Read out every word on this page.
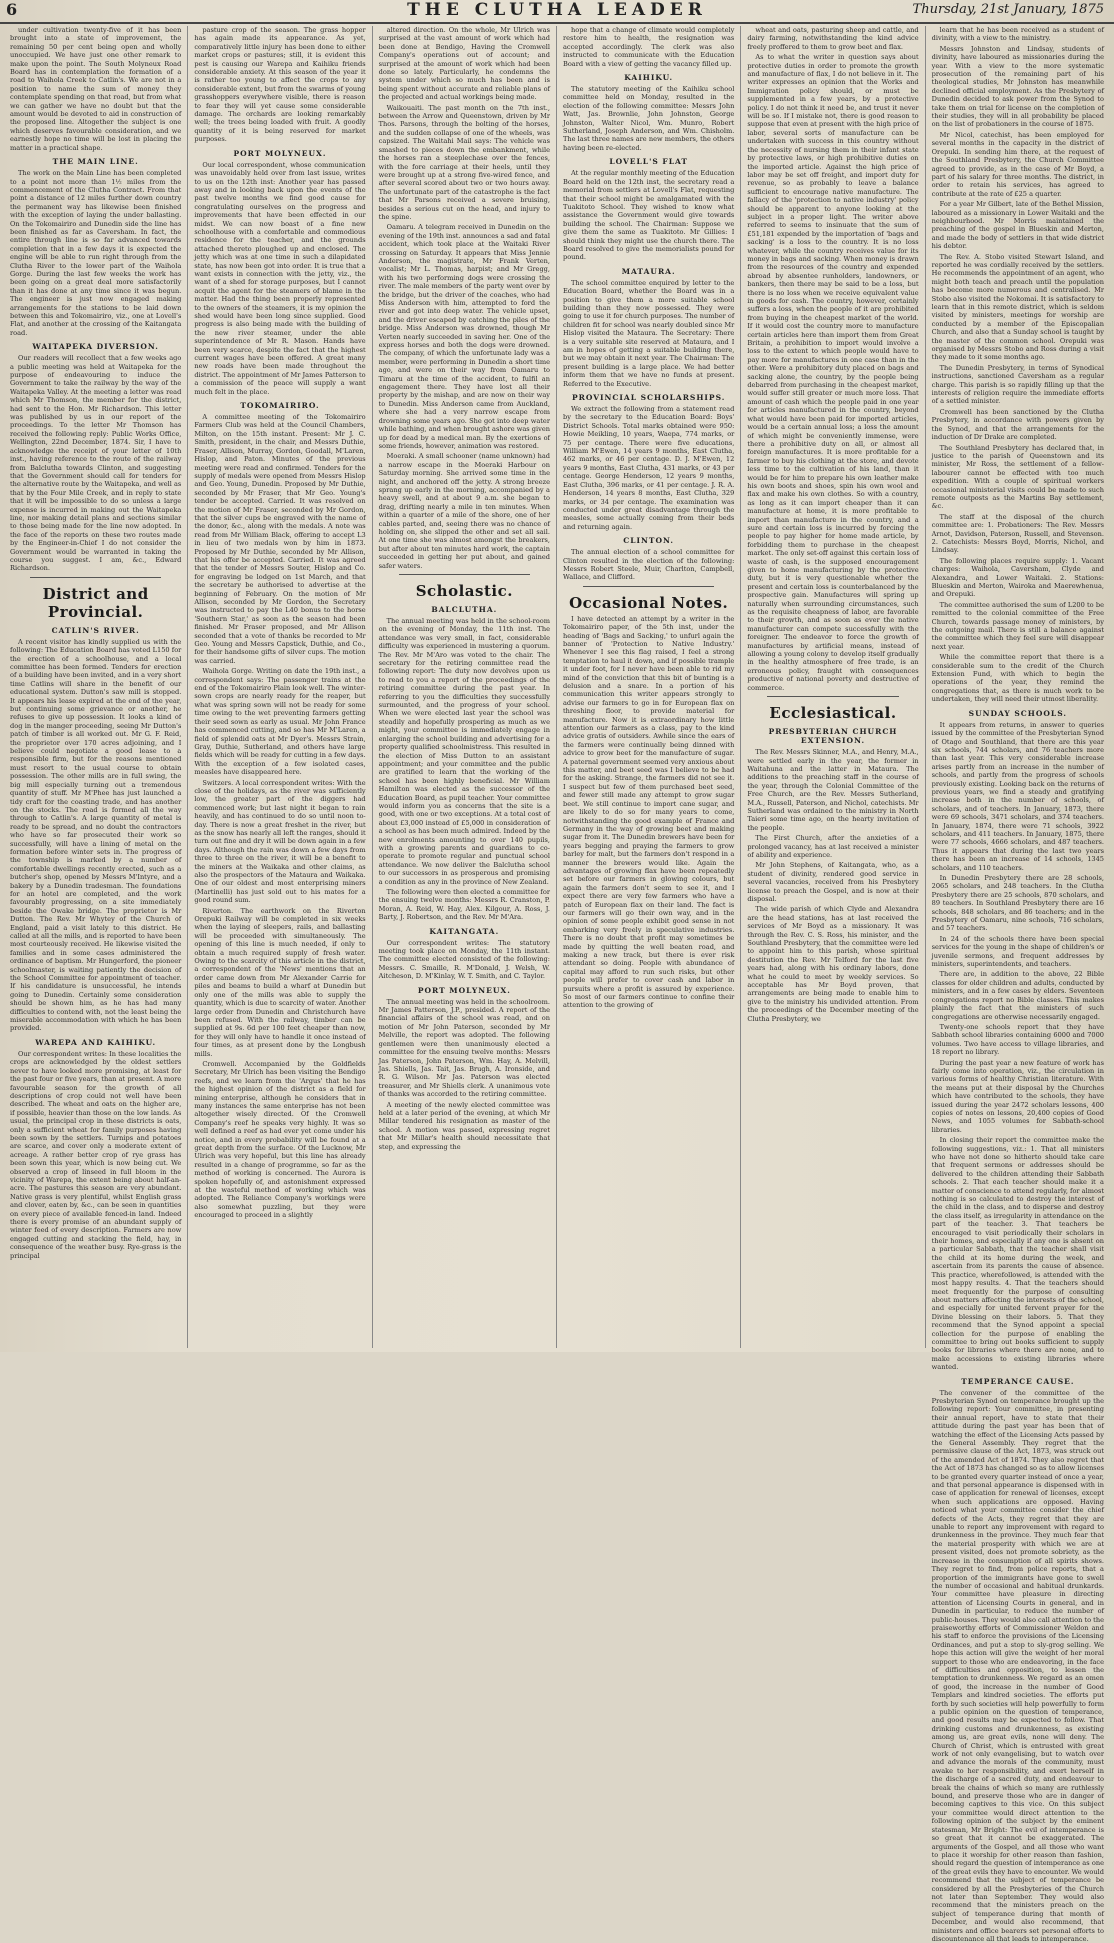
6	THE CLUTHA LEADER	Thursday, 21st January, 1875

under cultivation twenty-five of it has been brought into a state of improvement, the remaining 50 per cent being open and wholly unoccupied. We have just one other remark to make upon the point. The South Molyneux Road Board has in contemplation the formation of a road to Waihola Creek to Catlin's. We are not in a position to name the sum of money they contemplate spending on that road, but from what we can gather we have no doubt but that the amount would be devoted to aid in construction of the proposed line. Altogether the subject is one which deserves favourable consideration, and we earnestly hope no time will be lost in placing the matter in a practical shape.

THE MAIN LINE.

The work on the Main Line has been completed to a point not more than 1½ miles from the commencement of the Clutha Contract. From that point a distance of 12 miles further down country the permanent way has likewise been finished with the exception of laying the under ballasting. On the Tokomairiro and Dunedin side the line has been finished as far as Caversham. In fact, the entire through line is so far advanced towards completion that in a few days it is expected the engine will be able to run right through from the Clutha River to the lower part of the Waihola Gorge. During the last few weeks the work has been going on a great deal more satisfactorily than it has done at any time since it was begun. The engineer is just now engaged making arrangements for the stations to be laid down between this and Tokomairiro, viz., one at Lovell's Flat, and another at the crossing of the Kaitangata road.

WAITAPEKA DIVERSION.

Our readers will recollect that a few weeks ago a public meeting was held at Waitapeka for the purpose of endeavouring to induce the Government to take the railway by the way of the Waitapeka Valley. At the meeting a letter was read which Mr Thomson, the member for the district, had sent to the Hon. Mr Richardson. This letter was published by us in our report of the proceedings. To the letter Mr Thomson has received the following reply: Public Works Office, Wellington, 22nd December, 1874. Sir, I have to acknowledge the receipt of your letter of 10th inst., having reference to the route of the railway from Balclutha towards Clinton, and suggesting that the Government should call for tenders for the alternative route by the Waitapeka, and well as that by the Four Mile Creek, and in reply to state that it will be impossible to do so unless a large expense is incurred in making out the Waitapeka line, nor making detail plans and sections similar to those being made for the line now adopted. In the face of the reports on these two routes made by the Engineer-in-Chief I do not consider the Government would be warranted in taking the course you suggest. I am, &c., Edward Richardson.

District and Provincial.
CATLIN'S RIVER.

A recent visitor has kindly supplied us with the following: The Education Board has voted L150 for the erection of a schoolhouse, and a local committee has been formed. Tenders for erection of a building have been invited, and in a very short time Catlins will share in the benefit of our educational system. Dutton's saw mill is stopped. It appears his lease expired at the end of the year, but continuing some grievance or another, he refuses to give up possession. It looks a kind of dog in the manger proceeding, seeing Mr Dutton's patch of timber is all worked out. Mr G. F. Reid, the proprietor over 170 acres adjoining, and I believe could negotiate a good lease to a responsible firm, but for the reasons mentioned must resort to the usual course to obtain possession. The other mills are in full swing, the big mill especially turning out a tremendous quantity of stuff. Mr M'Phee has just launched a tidy craft for the coasting trade, and has another on the stocks. The road is formed all the way through to Catlin's. A large quantity of metal is ready to be spread, and no doubt the contractors who have so far prosecuted their work so successfully, will have a lining of metal on the formation before winter sets in. The progress of the township is marked by a number of comfortable dwellings recently erected, such as a butcher's shop, opened by Messrs M'Intyre, and a bakery by a Dunedin tradesman. The foundations for an hotel are completed, and the work favourably progressing, on a site immediately beside the Owake bridge. The proprietor is Mr Dutton. The Rev. Mr Whytey of the Church of England, paid a visit lately to this district. He called at all the mills, and is reported to have been most courteously received. He likewise visited the families and in some cases administered the ordinance of baptism. Mr Hungerford, the pioneer schoolmaster, is waiting patiently the decision of the School Committee for appointment of teacher. If his candidature is unsuccessful, he intends going to Dunedin. Certainly some consideration should be shown him, as he has had many difficulties to contend with, not the least being the miserable accommodation with which he has been provided.

WAREPA AND KAIHIKU.

Our correspondent writes: In these localities the crops are acknowledged by the oldest settlers never to have looked more promising, at least for the past four or five years, than at present. A more favourable season for the growth of all descriptions of crop could not well have been described. The wheat and oats on the higher are, if possible, heavier than those on the low lands. As usual, the principal crop in these districts is oats, only a sufficient wheat for family purposes having been sown by the settlers. Turnips and potatoes are scarce, and cover only a moderate extent of acreage. A rather better crop of rye grass has been sown this year, which is now being cut. We observed a crop of linseed in full bloom in the vicinity of Warepa, the extent being about half-an-acre. The pastures this season are very abundant. Native grass is very plentiful, whilst English grass and clover, eaten by, &c., can be seen in quantities on every piece of available fenced-in land. Indeed there is every promise of an abundant supply of winter feed of every description. Farmers are now engaged cutting and stacking the field, hay, in consequence of the weather busy. Rye-grass is the principal

pasture crop of the season. The grass hopper has again made its appearance. As yet, comparatively little injury has been done to either market crops or pastures; still, it is evident this pest is causing our Warepa and Kaihiku friends considerable anxiety. At this season of the year it is rather too young to affect the crops to any considerable extent, but from the swarms of young grasshoppers everywhere visible, there is reason to fear they will yet cause some considerable damage. The orchards are looking remarkably well; the trees being loaded with fruit. A goodly quantity of it is being reserved for market purposes.

PORT MOLYNEUX.

Our local correspondent, whose communication was unavoidably held over from last issue, writes to us on the 12th inst: Another year has passed away and in looking back upon the events of the past twelve months we find good cause for congratulating ourselves on the progress and improvements that have been effected in our midst. We can now boast of a fine new schoolhouse with a comfortable and commodious residence for the teacher, and the grounds attached thereto ploughed up and enclosed. The jetty which was at one time in such a dilapidated state, has now been got into order. It is true that a want exists in connection with the jetty, viz., the want of a shed for storage purposes, but I cannot acquit the agent for the steamers of blame in the matter. Had the thing been properly represented to the owners of the steamers, it is my opinion the shed would have been long since supplied. Good progress is also being made with the building of the new river steamer, under the able superintendence of Mr R. Mason. Hands have been very scarce, despite the fact that the highest current wages have been offered. A great many new roads have been made throughout the district. The appointment of Mr James Patterson to a commission of the peace will supply a want much felt in the place.

TOKOMAIRIRO.

A committee meeting of the Tokomairiro Farmers Club was held at the Council Chambers, Milton, on the 15th instant. Present: Mr J. C. Smith, president, in the chair, and Messrs Duthie, Fraser, Allison, Murray, Gordon, Goodall, M'Laren, Hislop, and Paton. Minutes of the previous meeting were read and confirmed. Tenders for the supply of medals were opened from Messrs Hislop and Geo. Young, Dunedin. Proposed by Mr Duthie, seconded by Mr Fraser, that Mr Geo. Young's tender be accepted. Carried. It was resolved on the motion of Mr Fraser, seconded by Mr Gordon, that the silver cups be engraved with the name of the donor, &c., along with the medals. A note was read from Mr William Black, offering to accept L3 in lieu of two medals won by him in 1873. Proposed by Mr Duthie, seconded by Mr Allison, that his offer be accepted. Carried. It was agreed that the tender of Messrs Souter, Hislop and Co. for engraving be lodged on 1st March, and that the secretary be authorised to advertise at the beginning of February. On the motion of Mr Allison, seconded by Mr Gordon, the Secretary was instructed to pay the L40 bonus to the horse 'Southern Star,' as soon as the season had been finished. Mr Fraser proposed, and Mr Allison seconded that a vote of thanks be recorded to Mr Geo. Young and Messrs Capstick, Duthie, and Co., for their handsome gifts of silver cups. The motion was carried.

Waihola Gorge. Writing on date the 19th inst., a correspondent says: The passenger trains at the end of the Tokomairiro Plain look well. The winter-sown crops are nearly ready for the reaper, but what was spring sown will not be ready for some time owing to the wet preventing farmers getting their seed sown as early as usual. Mr John France has commenced cutting, and so has Mr M'Laren, a field of splendid oats at Mr Dyer's. Messrs Strain, Gray, Duthie, Sutherland, and others have large fields which will be ready for cutting in a few days. With the exception of a few isolated cases, measles have disappeared here.

Switzers. A local correspondent writes: With the close of the holidays, as the river was sufficiently low, the greater part of the diggers had commenced work; but last night it began to rain heavily, and has continued to do so until noon to-day. There is now a great freshet in the river, but as the snow has nearly all left the ranges, should it turn out fine and dry it will be down again in a few days. Although the rain was down a few days from three to three on the river, it will be a benefit to the miners at the Waikaka and other claims, as also the prospectors of the Mataura and Waikaka. One of our oldest and most enterprising miners (Martinelli) has just sold out to his mates for a good round sum.

Riverton. The earthwork on the Riverton Orepuki Railway will be completed in six weeks when the laying of sleepers, rails, and ballasting will be proceeded with simultaneously. The opening of this line is much needed, if only to obtain a much required supply of fresh water. Owing to the scarcity of this article in the district, a correspondent of the 'News' mentions that an order came down from Mr Alexander Carrie for piles and beams to build a wharf at Dunedin but only one of the mills was able to supply the quantity, which is due to scarcity of water. Another large order from Dunedin and Christchurch have been refused. With the railway, timber can be supplied at 9s. 6d per 100 feet cheaper than now, for they will only have to handle it once instead of four times, as at present done by the Longbush mills.

Cromwell. Accompanied by the Goldfields Secretary, Mr Ulrich has been visiting the Bendigo reefs, and we learn from the 'Argus' that he has the highest opinion of the district as a field for mining enterprise, although he considers that in many instances the same enterprise has not been altogether wisely directed. Of the Cromwell Company's reef he speaks very highly. It was so well defined a reef as had ever yet come under his notice, and in every probability will be found at a great depth from the surface. Of the Lucknow, Mr Ulrich was very hopeful, but this line has already resulted in a change of programme, so far as the method of working is concerned. The Aurora is spoken hopefully of, and astonishment expressed at the wasteful method of working which was adopted. The Reliance Company's workings were also somewhat puzzling, but they were encouraged to proceed in a slightly

altered direction. On the whole, Mr Ulrich was surprised at the vast amount of work which had been done at Bendigo, Having the Cromwell Company's operations out of account; and surprised at the amount of work which had been done so lately. Particularly, he condemns the system under which so much has been and is being spent without accurate and reliable plans of the projected and actual workings being made.

Waikouaiti. The past month on the 7th inst., between the Arrow and Queenstown, driven by Mr Thos. Parsons, through the bolting of the horses, and the sudden collapse of one of the wheels, was capsized. The Waitahi Mail says: The vehicle was smashed to pieces down the embankment, while the horses ran a steeplechase over the fences, with the fore carriage at their heels, until they were brought up at a strong five-wired fence, and after several scored about two or two hours away. The unfortunate part of the catastrophe is the fact that Mr Parsons received a severe bruising, besides a serious cut on the head, and injury to the spine.

Oamaru. A telegram received in Dunedin on the evening of the 19th inst. announces a sad and fatal accident, which took place at the Waitaki River crossing on Saturday. It appears that Miss Jennie Anderson, the magistrate, Mr Frank Verten, vocalist; Mr L. Thomas, harpist; and Mr Gregg, with his two performing dogs were crossing the river. The male members of the party went over by the bridge, but the driver of the coaches, who had Miss Anderson with him, attempted to ford the river and got into deep water. The vehicle upset, and the driver escaped by catching the piles of the bridge. Miss Anderson was drowned, though Mr Verten nearly succeeded in saving her. One of the express horses and both the dogs were drowned. The company, of which the unfortunate lady was a member, were performing in Dunedin a short time ago, and were on their way from Oamaru to Timaru at the time of the accident, to fulfil an engagement there. They have lost all their property by the mishap, and are now on their way to Dunedin. Miss Anderson came from Auckland, where she had a very narrow escape from drowning some years ago. She got into deep water while bathing, and when brought ashore was given up for dead by a medical man. By the exertions of some friends, however, animation was restored.

Moeraki. A small schooner (name unknown) had a narrow escape in the Moeraki Harbour on Saturday morning. She arrived some time in the night, and anchored off the jetty. A strong breeze sprang up early in the morning, accompanied by a heavy swell, and at about 9 a.m. she began to drag, drifting nearly a mile in ten minutes. When within a quarter of a mile of the shore, one of her cables parted, and, seeing there was no chance of holding on, she slipped the other and set all sail. At one time she was almost amongst the breakers, but after about ten minutes hard work, the captain succeeded in getting her put about, and gained safer waters.

Scholastic.
BALCLUTHA.

The annual meeting was held in the school-room on the evening of Monday, the 11th inst. The attendance was very small, in fact, considerable difficulty was experienced in mustering a quorum. The Rev. Mr M'Aro was voted to the chair. The secretary for the retiring committee read the following report: The duty now devolves upon us to read to you a report of the proceedings of the retiring committee during the past year. In referring to you the difficulties they successfully surmounted, and the progress of your school. When we were elected last year the school was steadily and hopefully prospering as much as we might, your committee is immediately engage in enlarging the school building and advertising for a property qualified schoolmistress. This resulted in the election of Miss Dutton to an assistant appointment; and your committee and the public are gratified to learn that the working of the school has been highly beneficial. Mr William Hamilton was elected as the successor of the Education Board, as pupil teacher. Your committee would inform you as concerns that the site is a good, with one or two exceptions. At a total cost of about £3,000 instead of £5,000 in consideration of a school as has been much admired. Indeed by the new enrolments amounting to over 140 pupils, with a growing parents and guardians to co-operate to promote regular and punctual school attendance. We now deliver the Balclutha school to our successors in as prosperous and promising a condition as any in the province of New Zealand.

The following were then elected a committee for the ensuing twelve months: Messrs R. Cranston, P. Moran, A. Reid, W. Hay, Alex. Kilgour, A. Ross, J. Barty, J. Robertson, and the Rev. Mr M'Ara.

KAITANGATA.

Our correspondent writes: The statutory meeting took place on Monday, the 11th instant. The committee elected consisted of the following: Messrs. C. Smaille, R. M'Donald, J. Welsh, W. Aitcheson, D. M'Kinlay, W. T. Smith, and C. Taylor.

PORT MOLYNEUX.

The annual meeting was held in the schoolroom. Mr James Patterson, J.P., presided. A report of the financial affairs of the school was read, and on motion of Mr John Paterson, seconded by Mr Melville, the report was adopted. The following gentlemen were then unanimously elected a committee for the ensuing twelve months: Messrs Jas Paterson, John Paterson, Wm. Hay, A. Melvill, Jas. Shiells, Jas. Tait, Jas. Brugh, A. Ironside, and R. G. Wilson. Mr Jas. Paterson was elected treasurer, and Mr Shiells clerk. A unanimous vote of thanks was accorded to the retiring committee.

A meeting of the newly elected committee was held at a later period of the evening, at which Mr Millar tendered his resignation as master of the school. A motion was passed, expressing regret that Mr Millar's health should necessitate that step, and expressing the

hope that a change of climate would completely restore him to health, the resignation was accepted accordingly. The clerk was also instructed to communicate with the Education Board with a view of getting the vacancy filled up.

KAIHIKU.

The statutory meeting of the Kaihiku school committee held on Monday, resulted in the election of the following committee: Messrs John Watt, Jas. Brownlie, John Johnston, George Johnston, Walter Nicol, Wm. Munro, Robert Sutherland, Joseph Anderson, and Wm. Chisholm. The last three names are new members, the others having been re-elected.

LOVELL'S FLAT

At the regular monthly meeting of the Education Board held on the 12th inst, the secretary read a memorial from settlers at Lovell's Flat, requesting that their school might be amalgamated with the Tuakitoto School. They wished to know what assistance the Government would give towards building the school. The Chairman: Suppose we give them the same as Tuakitoto. Mr Gillies: I should think they might use the church there. The Board resolved to give the memorialists pound for pound.

MATAURA.

The school committee enquired by letter to the Education Board, whether the Board was in a position to give them a more suitable school building than they now possessed. They were going to use it for church purposes. The number of children fit for school was nearly doubled since Mr Hislop visited the Mataura. The Secretary: There is a very suitable site reserved at Mataura, and I am in hopes of getting a suitable building there, but we may obtain it next year. The Chairman: The present building is a large place. We had better inform them that we have no funds at present. Referred to the Executive.

PROVINCIAL SCHOLARSHIPS.

We extract the following from a statement read by the secretary to the Education Board: Boys' District Schools. Total marks obtained were 950: Howie Meikling, 10 years, Waepa, 774 marks, or 75 per centage. There were five educations, William M'Ewen, 14 years 9 months, East Clutha, 462 marks, or 46 per centage. D. J. M'Ewen, 12 years 9 months, East Clutha, 431 marks, or 43 per centage. George Henderson, 12 years 9 months, East Clutha, 396 marks, or 41 per centage. J. R. A. Henderson, 14 years 8 months, East Clutha, 329 marks, or 34 per centage. The examination was conducted under great disadvantage through the measles, some actually coming from their beds and returning again.

CLINTON.

The annual election of a school committee for Clinton resulted in the election of the following: Messrs Robert Steele, Muir, Charlton, Campbell, Wallace, and Clifford.

Occasional Notes.

I have detected an attempt by a writer in the Tokomairiro paper, of the 5th inst, under the heading of 'Bags and Sacking,' to unfurl again the banner of 'Protection to Native Industry.' Whenever I see this flag raised, I feel a strong temptation to haul it down, and if possible trample it under foot, for I never have been able to rid my mind of the conviction that this bit of bunting is a delusion and a snare. In a portion of his communication this writer appears strongly to advise our farmers to go in for European flax on threshing floor, to provide material for manufacture. Now it is extraordinary how little attention our farmers as a class, pay to the kind advice gratis of outsiders. Awhile since the ears of the farmers were continually being dinned with advice to grow beet for the manufacture of sugar. A paternal government seemed very anxious about this matter, and beet seed was I believe to be had for the asking. Strange, the farmers did not see it. I suspect but few of them purchased beet seed, and fewer still made any attempt to grow sugar beet. We still continue to import cane sugar, and are likely to do so for many years to come, notwithstanding the good example of France and Germany in the way of growing beet and making sugar from it. The Dunedin brewers have been for years begging and praying the farmers to grow barley for malt, but the farmers don't respond in a manner the brewers would like. Again the advantages of growing flax have been repeatedly set before our farmers in glowing colours, but again the farmers don't seem to see it, and I expect there are very few farmers who have a patch of European flax on their land. The fact is our farmers will go their own way, and in the opinion of some people exhibit good sense in not embarking very freely in speculative industries. There is no doubt that profit may sometimes be made by quitting the well beaten road, and making a new track, but there is ever risk attendant so doing. People with abundance of capital may afford to run such risks, but other people will prefer to cover cash and labor in pursuits where a profit is assured by experience. So most of our farmers continue to confine their attention to the growing of

wheat and oats, pasturing sheep and cattle, and dairy farming, notwithstanding the kind advice freely proffered to them to grow beet and flax.

As to what the writer in question says about protective duties in order to promote the growth and manufacture of flax, I do not believe in it. The writer expresses an opinion that the Works and Immigration policy should, or must be supplemented in a few years, by a protective policy. I do not think it need be, and trust it never will be so. If I mistake not, there is good reason to suppose that even at present with the high price of labor, several sorts of manufacture can be undertaken with success in this country without the necessity of nursing them in their infant state by protective laws, or high prohibitive duties on the imported article. Against the high price of labor may be set off freight, and import duty for revenue, so as probably to leave a balance sufficient to encourage native manufacture. The fallacy of the 'protection to native industry' policy should be apparent to anyone looking at the subject in a proper light. The writer above referred to seems to insinuate that the sum of £51,181 expended by the importation of 'bags and sacking' is a loss to the country. It is no loss whatever, while the country receives value for its money in bags and sacking. When money is drawn from the resources of the country and expended abroad by absentee runholders, landowners, or bankers, then there may be said to be a loss, but there is no loss when we receive equivalent value in goods for cash. The country, however, certainly suffers a loss, when the people of it are prohibited from buying in the cheapest market of the world. If it would cost the country more to manufacture certain articles here than import them from Great Britain, a prohibition to import would involve a loss to the extent to which people would have to pay more for manufactures in one case than in the other. Were a prohibitory duty placed on bags and sacking alone, the country, by the people being debarred from purchasing in the cheapest market, would suffer still greater or much more loss. That amount of cash which the people paid in one year for articles manufactured in the country, beyond what would have been paid for imported articles, would be a certain annual loss; a loss the amount of which might be conveniently immense, were there a prohibitive duty on all, or almost all foreign manufactures. It is more profitable for a farmer to buy his clothing at the store, and devote less time to the cultivation of his land, than it would be for him to prepare his own leather make his own boots and shoes, spin his own wool and flax and make his own clothes. So with a country, as long as it can import cheaper than it can manufacture at home, it is more profitable to import than manufacture in the country, and a sure and certain loss is incurred by forcing the people to pay higher for home made article, by forbidding them to purchase in the cheapest market. The only set-off against this certain loss of waste of cash, is the supposed encouragement given to home manufacturing by the protective duty, but it is very questionable whether the present and certain loss is counterbalanced by the prospective gain. Manufactures will spring up naturally when surrounding circumstances, such as the requisite cheapness of labor, are favorable to their growth, and as soon as ever the native manufacturer can compete successfully with the foreigner. The endeavor to force the growth of manufactures by artificial means, instead of allowing a young colony to develop itself gradually in the healthy atmosphere of free trade, is an erroneous policy, fraught with consequences productive of national poverty and destructive of commerce.

Ecclesiastical.
PRESBYTERIAN CHURCH EXTENSION.

The Rev. Messrs Skinner, M.A., and Henry, M.A., were settled early in the year, the former in Waitahuna and the latter in Mataura. The additions to the preaching staff in the course of the year, through the Colonial Committee of the Free Church, are the Rev. Messrs Sutherland, M.A., Russell, Paterson, and Nichol, catechists. Mr Sutherland was ordained to the ministry in North Taieri some time ago, on the hearty invitation of the people.

The First Church, after the anxieties of a prolonged vacancy, has at last received a minister of ability and experience.

Mr John Stephens, of Kaitangata, who, as a student of divinity, rendered good service in several vacancies, received from his Presbytery license to preach the Gospel, and is now at their disposal.

The wide parish of which Clyde and Alexandra are the head stations, has at last received the services of Mr Boyd as a missionary. It was through the Rev. C. S. Ross, his minister, and the Southland Presbytery, that the committee were led to appoint him to this parish, whose spiritual destitution the Rev. Mr Telford for the last five years had, along with his ordinary labors, done what he could to meet by weekly services. So acceptable has Mr Boyd proven, that arrangements are being made to enable him to give to the ministry his undivided attention. From the proceedings of the December meeting of the Clutha Presbytery, we

learn that he has been received as a student of divinity, with a view to the ministry.

Messrs Johnston and Lindsay, students of divinity, have laboured as missionaries during the year. With a view to the more systematic prosecution of the remaining part of his theological studies, Mr Johnston has meanwhile declined official employment. As the Presbytery of Dunedin decided to ask power from the Synod to take them on trial for license on the completion of their studies, they will in all probability be placed on the list of probationers in the course of 1875.

Mr Nicol, catechist, has been employed for several months in the capacity in the district of Orepuki. In sending him there, at the request of the Southland Presbytery, the Church Committee agreed to provide, as in the case of Mr Boyd, a part of his salary for three months. The district, in order to retain his services, has agreed to contribute at the rate of £25 a quarter.

For a year Mr Gilbert, late of the Bethel Mission, laboured as a missionary in Lower Waitaki and the neighbourhood. Mr Morris maintained the preaching of the gospel in Blueskin and Merton, and made the body of settlers in that wide district his debtor.

The Rev. A. Stobo visited Stewart Island, and reported he was cordially received by the settlers. He recommends the appointment of an agent, who might both teach and preach until the population has become more numerous and centralised. Mr Stobo also visited the Nokomai. It is satisfactory to learn that in this remote district, which is seldom visited by ministers, meetings for worship are conducted by a member of the Episcopalian Church, and also that a Sunday school is taught by the master of the common school. Orepuki was organised by Messrs Stobo and Ross during a visit they made to it some months ago.

The Dunedin Presbytery, in terms of Synodical instructions, sanctioned Caversham as a regular charge. This parish is so rapidly filling up that the interests of religion require the immediate efforts of a settled minister.

Cromwell has been sanctioned by the Clutha Presbytery, in accordance with powers given by the Synod, and that the arrangements for the induction of Dr Drake are completed.

The Southland Presbytery has declared that, in justice to the parish of Queenstown and its minister, Mr Ross, the settlement of a fellow-labourer cannot be effected with too much expedition. With a couple of spiritual workers occasional ministerial visits could be made to such remote outposts as the Martins Bay settlement, &c.

The staff at the disposal of the church committee are: 1. Probationers: The Rev. Messrs Arnot, Davidson, Paterson, Russell, and Stevenson. 2. Catechists: Messrs Boyd, Morris, Nichol, and Lindsay.

The following places require supply: 1. Vacant charges: Waihola, Caversham, Clyde and Alexandra, and Lower Waitaki. 2. Stations: Blueskin and Merton, Wairoka and Maerewhenua, and Orepuki.

The committee authorised the sum of L200 to be remitted to the colonial committee of the Free Church, towards passage money of ministers, by the outgoing mail. There is still a balance against the committee which they feel sure will disappear next year.

While the committee report that there is a considerable sum to the credit of the Church Extension Fund, with which to begin the operations of the year, they remind the congregations that, as there is much work to be undertaken, they will need their utmost liberality.

SUNDAY SCHOOLS.

It appears from returns, in answer to queries issued by the committee of the Presbyterian Synod of Otago and Southland, that there are this year six schools, 744 scholars, and 76 teachers more than last year. This very considerable increase arises partly from an increase in the number of schools, and partly from the progress of schools previously existing. Looking back on the returns of previous years, we find a steady and gratifying increase both in the number of schools, of scholars, and of teachers. In January, 1873, there were 69 schools, 3471 scholars, and 374 teachers. In January, 1874, there were 71 schools, 3922 scholars, and 411 teachers. In January, 1875, there were 77 schools, 4666 scholars, and 487 teachers. Thus it appears that during the last two years there has been an increase of 14 schools, 1345 scholars, and 110 teachers.

In Dunedin Presbytery there are 28 schools, 2065 scholars, and 248 teachers. In the Clutha Presbytery there are 25 schools, 870 scholars, and 89 teachers. In Southland Presbytery there are 16 schools, 848 scholars, and 86 teachers; and in the Presbytery of Oamaru, nine schools, 716 scholars, and 57 teachers.

In 24 of the schools there have been special services for the young in the shape of children's or juvenile sermons, and frequent addresses by ministers, superintendents, and teachers.

There are, in addition to the above, 22 Bible classes for older children and adults, conducted by ministers, and in a few cases by elders. Seventeen congregations report no Bible classes. This makes plainly the fact that the ministers of such congregations are otherwise necessarily engaged.

Twenty-one schools report that they have Sabbath school libraries containing 6000 and 7000 volumes. Two have access to village libraries, and 18 report no library.

During the past year a new feature of work has fairly come into operation, viz., the circulation in various forms of healthy Christian literature. With the means put at their disposal by the Churches which have contributed to the schools, they have issued during the year 2472 scholars lessons, 400 copies of notes on lessons, 20,400 copies of Good News, and 1055 volumes for Sabbath-school libraries.

In closing their report the committee make the following suggestions, viz.: 1. That all ministers who have not done so hitherto should take care that frequent sermons or addresses should be delivered to the children attending their Sabbath schools. 2. That each teacher should make it a matter of conscience to attend regularly, for almost nothing is so calculated to destroy the interest of the child in the class, and to disperse and destroy the class itself, as irregularity in attendance on the part of the teacher. 3. That teachers be encouraged to visit periodically their scholars in their homes, and especially if any one is absent on a particular Sabbath, that the teacher shall visit the child at its home during the week, and ascertain from its parents the cause of absence. This practice, wherefollowed, is attended with the most happy results. 4. That the teachers should meet frequently for the purpose of consulting about matters affecting the interests of the school, and especially for united fervent prayer for the Divine blessing on their labors. 5. That they recommend that the Synod appoint a special collection for the purpose of enabling the committee to bring out books sufficient to supply books for libraries where there are none, and to make accessions to existing libraries where wanted.

TEMPERANCE CAUSE.

The convener of the committee of the Presbyterian Synod on temperance brought up the following report: Your committee, in presenting their annual report, have to state that their attitude during the past year has been that of watching the effect of the Licensing Acts passed by the General Assembly. They regret that the permissive clause of the Act, 1873, was struck out of the amended Act of 1874. They also regret that the Act of 1873 has changed so as to allow licenses to be granted every quarter instead of once a year, and that personal appearance is dispensed with in case of application for renewal of licenses, except when such applications are opposed. Having noticed what your committee consider the chief defects of the Acts, they regret that they are unable to report any improvement with regard to drunkenness in the province. They much fear that the material prosperity with which we are at present visited, does not promote sobriety, as the increase in the consumption of all spirits shows. They regret to find, from police reports, that a proportion of the immigrants have gone to swell the number of occasional and habitual drunkards. Your committee have pleasure in directing attention of Licensing Courts in general, and in Dunedin in particular, to reduce the number of public-houses. They would also call attention to the praiseworthy efforts of Commissioner Weldon and his staff to enforce the provisions of the Licensing Ordinances, and put a stop to sly-grog selling. We hope this action will give the weight of her moral support to those who are endeavoring, in the face of difficulties and opposition, to lessen the temptation to drunkenness. We regard as an omen of good, the increase in the number of Good Templars and kindred societies. The efforts put forth by such societies will help powerfully to form a public opinion on the question of temperance, and good results may be expected to follow. That drinking customs and drunkenness, as existing among us, are great evils, none will deny. The Church of Christ, which is entrusted with great work of not only evangelising, but to watch over and advance the morals of the community, must awake to her responsibility, and exert herself in the discharge of a sacred duty, and endeavour to break the chains of which so many are ruthlessly bound, and preserve those who are in danger of becoming captives to this vice. On this subject your committee would direct attention to the following opinion of the subject by the eminent statesman, Mr Bright: The evil of intemperance is so great that it cannot be exaggerated. The arguments of the Gospel, and all those who want to place it worship for other reason than fashion, should regard the question of intemperance as one of the great evils they have to encounter. We would recommend that the subject of temperance be considered by all the Presbyteries of the Church not later than September. They would also recommend that the ministers preach on the subject of temperance during that month of December, and would also recommend, that ministers and office bearers set personal efforts to discountenance all that leads to intemperance.
